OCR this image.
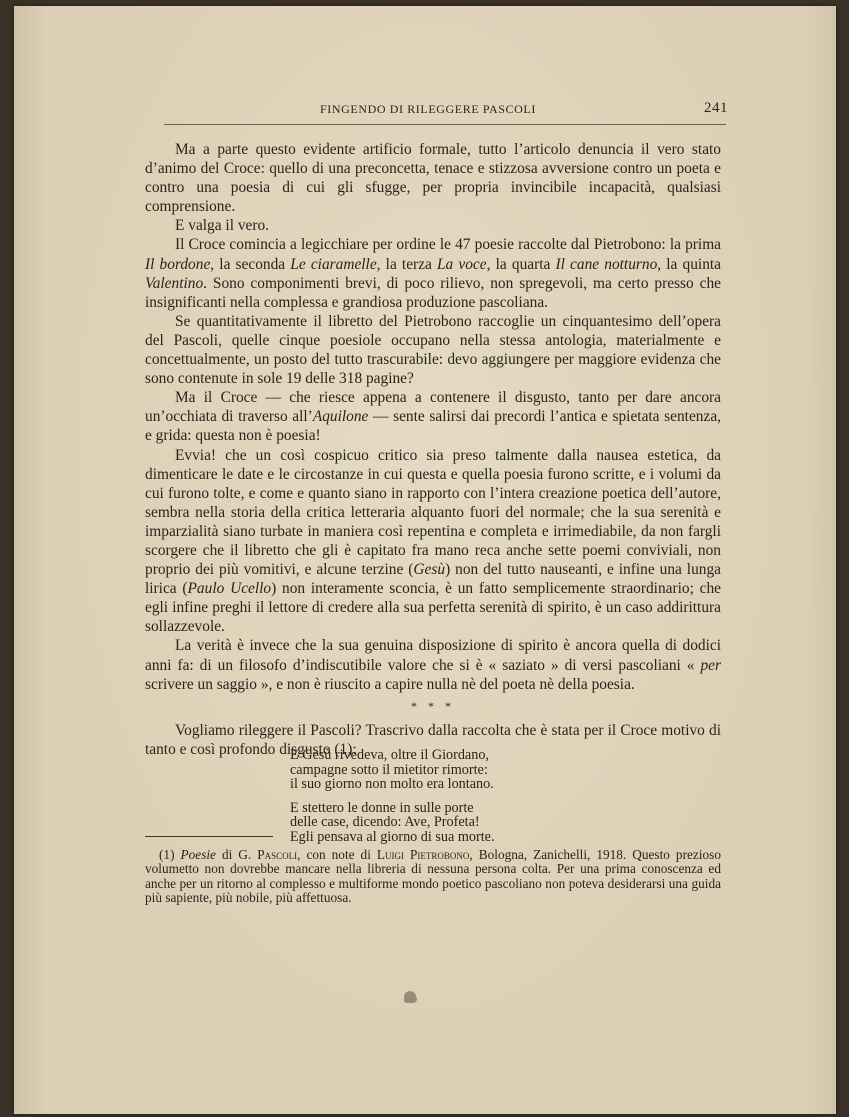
FINGENDO DI RILEGGERE PASCOLI	241

Ma a parte questo evidente artificio formale, tutto l’articolo denuncia il vero stato d’animo del Croce: quello di una preconcetta, tenace e stizzosa avversione contro un poeta e contro una poesia di cui gli sfugge, per propria invincibile incapacità, qualsiasi comprensione.

E valga il vero.

Il Croce comincia a legicchiare per ordine le 47 poesie raccolte dal Pietrobono: la prima Il bordone, la seconda Le ciaramelle, la terza La voce, la quarta Il cane notturno, la quinta Valentino. Sono componimenti brevi, di poco rilievo, non spregevoli, ma certo presso che insignificanti nella complessa e grandiosa produzione pascoliana.

Se quantitativamente il libretto del Pietrobono raccoglie un cinquantesimo dell’opera del Pascoli, quelle cinque poesiole occupano nella stessa antologia, materialmente e concettualmente, un posto del tutto trascurabile: devo aggiungere per maggiore evidenza che sono contenute in sole 19 delle 318 pagine?

Ma il Croce — che riesce appena a contenere il disgusto, tanto per dare ancora un’occhiata di traverso all’Aquilone — sente salirsi dai precordi l’antica e spietata sentenza, e grida: questa non è poesia!

Evvia! che un così cospicuo critico sia preso talmente dalla nausea estetica, da dimenticare le date e le circostanze in cui questa e quella poesia furono scritte, e i volumi da cui furono tolte, e come e quanto siano in rapporto con l’intera creazione poetica dell’autore, sembra nella storia della critica letteraria alquanto fuori del normale; che la sua serenità e imparzialità siano turbate in maniera così repentina e completa e irrimediabile, da non fargli scorgere che il libretto che gli è capitato fra mano reca anche sette poemi conviviali, non proprio dei più vomitivi, e alcune terzine (Gesù) non del tutto nauseanti, e infine una lunga lirica (Paulo Ucello) non interamente sconcia, è un fatto semplicemente straordinario; che egli infine preghi il lettore di credere alla sua perfetta serenità di spirito, è un caso addirittura sollazzevole.

La verità è invece che la sua genuina disposizione di spirito è ancora quella di dodici anni fa: di un filosofo d’indiscutibile valore che si è « saziato » di versi pascoliani « per scrivere un saggio », e non è riuscito a capire nulla nè del poeta nè della poesia.

* * *

Vogliamo rileggere il Pascoli? Trascrivo dalla raccolta che è stata per il Croce motivo di tanto e così profondo disgusto (1):

E Gesù rivedeva, oltre il Giordano,
campagne sotto il mietitor rimorte:
il suo giorno non molto era lontano.
E stettero le donne in sulle porte
delle case, dicendo: Ave, Profeta!
Egli pensava al giorno di sua morte.

(1) Poesie di G. Pascoli, con note di Luigi Pietrobono, Bologna, Zanichelli, 1918. Questo prezioso volumetto non dovrebbe mancare nella libreria di nessuna persona colta. Per una prima conoscenza ed anche per un ritorno al complesso e multiforme mondo poetico pascoliano non poteva desiderarsi una guida più sapiente, più nobile, più affettuosa.
